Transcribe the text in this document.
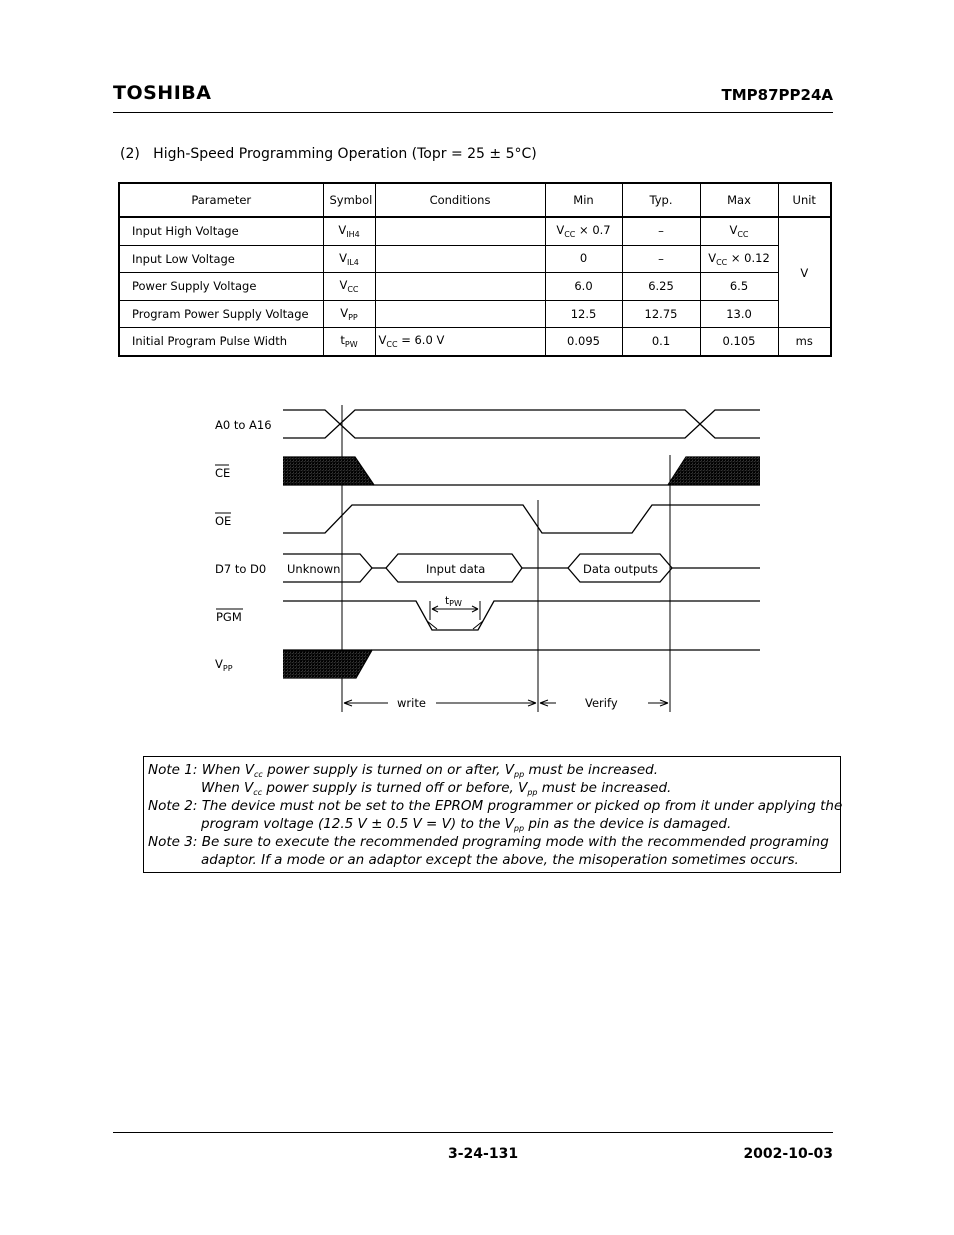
TOSHIBA	TMP87PP24A
(2)   High-Speed Programming Operation (Topr = 25 ± 5°C)
Parameter	Symbol	Conditions	Min	Typ.	Max	Unit
Input High Voltage	$V_{IH4}$		$V_{CC} \times 0.7$	–	$V_{CC}$	V
Input Low Voltage	$V_{IL4}$		0	–	$V_{CC} \times 0.12$	
Power Supply Voltage	$V_{CC}$		6.0	6.25	6.5	
Program Power Supply Voltage	$V_{PP}$		12.5	12.75	13.0	
Initial Program Pulse Width	$t_{PW}$	$V_{CC} = 6.0$ V	0.095	0.1	0.105	ms
A0 to A16
CE
OE
D7 to D0
PGM
$V_{PP}$
Unknown	Input data	Data outputs
tPW
write	Verify
Note 1: When $V_{cc}$ power supply is turned on or after, $V_{pp}$ must be increased.
When $V_{cc}$ power supply is turned off or before, $V_{pp}$ must be increased.
Note 2: The device must not be set to the EPROM programmer or picked op from it under applying the
program voltage (12.5 V ± 0.5 V = V) to the $V_{pp}$ pin as the device is damaged.
Note 3: Be sure to execute the recommended programing mode with the recommended programing
adaptor. If a mode or an adaptor except the above, the misoperation sometimes occurs.
3-24-131	2002-10-03
